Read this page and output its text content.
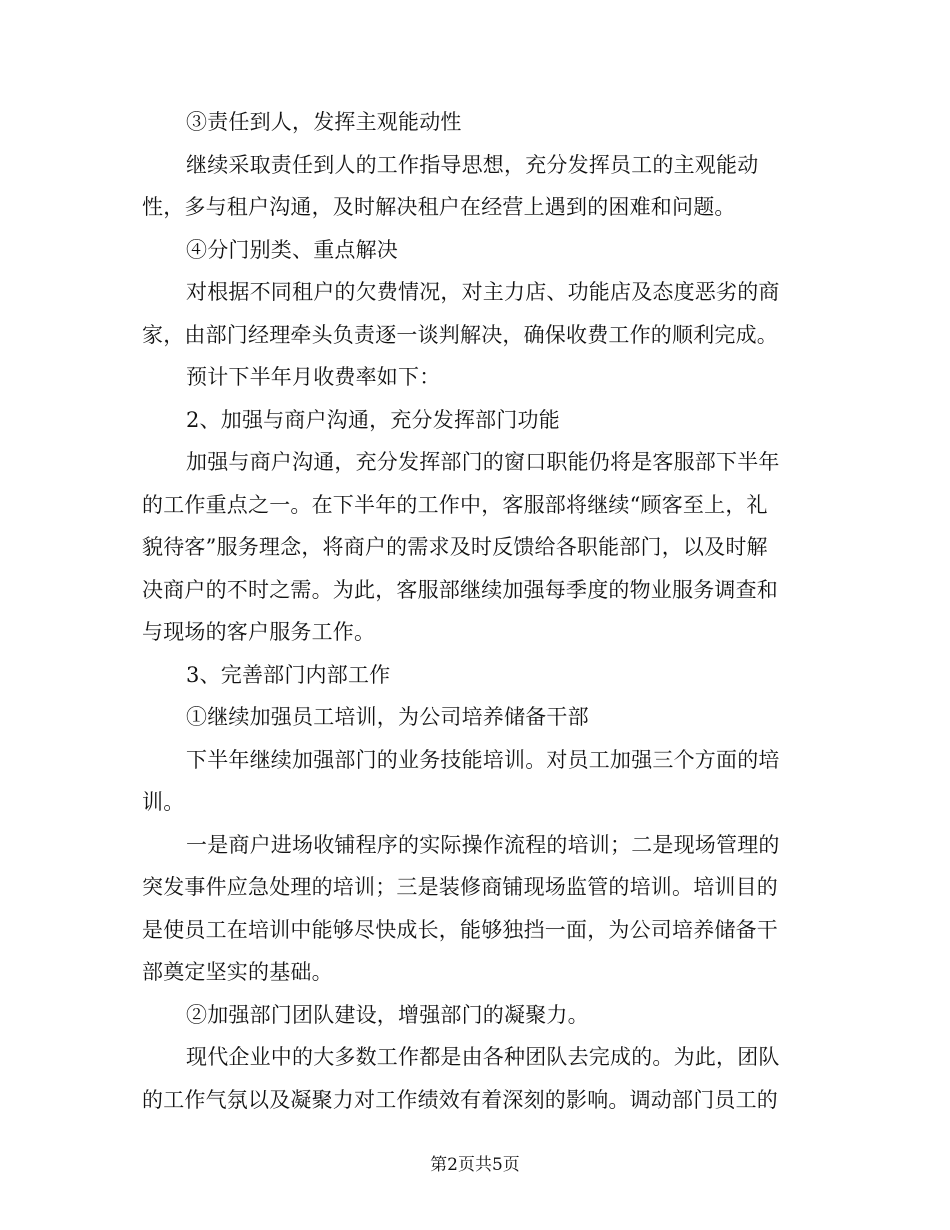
③责任到人，发挥主观能动性
继续采取责任到人的工作指导思想，充分发挥员工的主观能动
性，多与租户沟通，及时解决租户在经营上遇到的困难和问题。
④分门别类、重点解决
对根据不同租户的欠费情况，对主力店、功能店及态度恶劣的商
家，由部门经理牵头负责逐一谈判解决，确保收费工作的顺利完成。
预计下半年月收费率如下：
2、加强与商户沟通，充分发挥部门功能
加强与商户沟通，充分发挥部门的窗口职能仍将是客服部下半年
的工作重点之一。在下半年的工作中，客服部将继续“顾客至上，礼
貌待客”服务理念，将商户的需求及时反馈给各职能部门，以及时解
决商户的不时之需。为此，客服部继续加强每季度的物业服务调查和
与现场的客户服务工作。
3、完善部门内部工作
①继续加强员工培训，为公司培养储备干部
下半年继续加强部门的业务技能培训。对员工加强三个方面的培
训。
一是商户进场收铺程序的实际操作流程的培训；二是现场管理的
突发事件应急处理的培训；三是装修商铺现场监管的培训。培训目的
是使员工在培训中能够尽快成长，能够独挡一面，为公司培养储备干
部奠定坚实的基础。
②加强部门团队建设，增强部门的凝聚力。
现代企业中的大多数工作都是由各种团队去完成的。为此，团队
的工作气氛以及凝聚力对工作绩效有着深刻的影响。调动部门员工的
第2页共5页
